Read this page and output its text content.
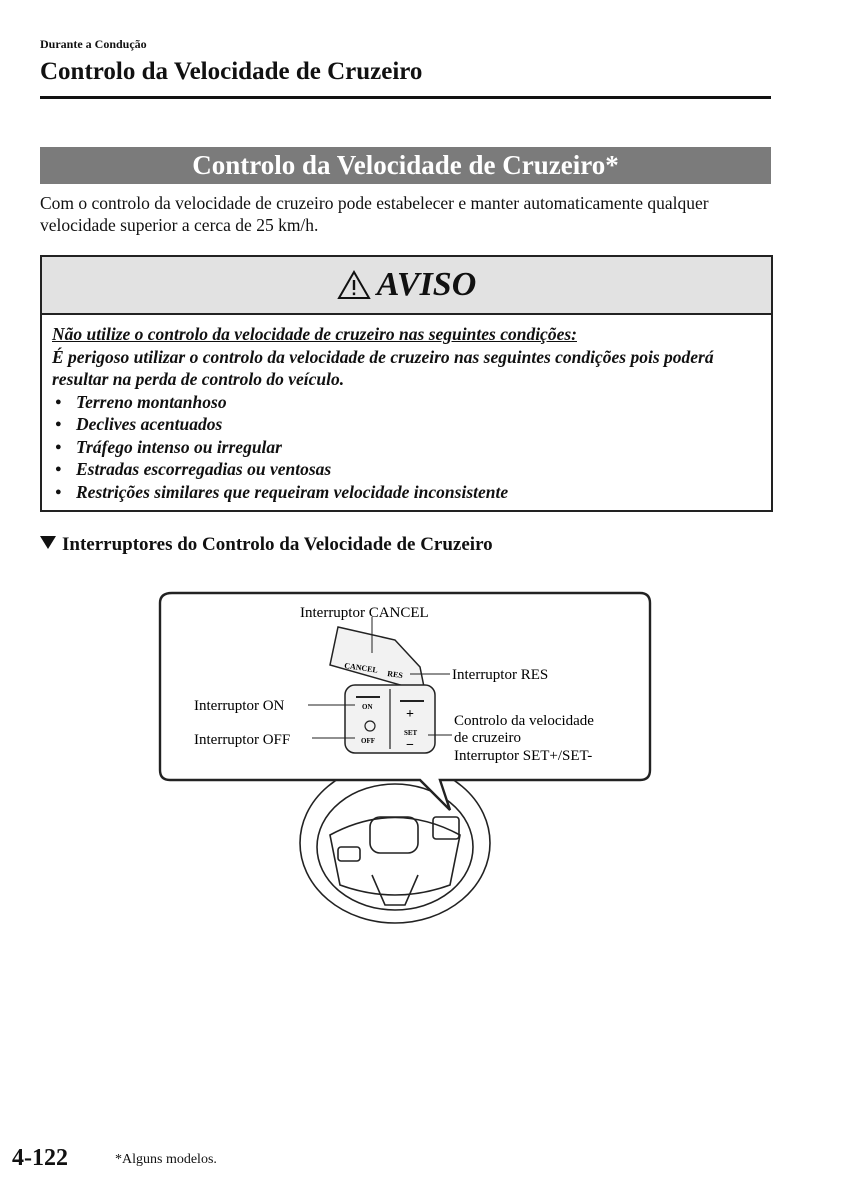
Durante a Condução
Controlo da Velocidade de Cruzeiro
Controlo da Velocidade de Cruzeiro*
Com o controlo da velocidade de cruzeiro pode estabelecer e manter automaticamente qualquer velocidade superior a cerca de 25 km/h.
AVISO
Não utilize o controlo da velocidade de cruzeiro nas seguintes condições:
É perigoso utilizar o controlo da velocidade de cruzeiro nas seguintes condições pois poderá resultar na perda de controlo do veículo.
● Terreno montanhoso
● Declives acentuados
● Tráfego intenso ou irregular
● Estradas escorregadias ou ventosas
● Restrições similares que requeiram velocidade inconsistente
Interruptores do Controlo da Velocidade de Cruzeiro
CANCEL RES
ON
OFF
+
SET
−
Interruptor CANCEL
Interruptor RES
Interruptor ON
Interruptor OFF
Controlo da velocidade
de cruzeiro
Interruptor SET+/SET-
4-122	*Alguns modelos.
